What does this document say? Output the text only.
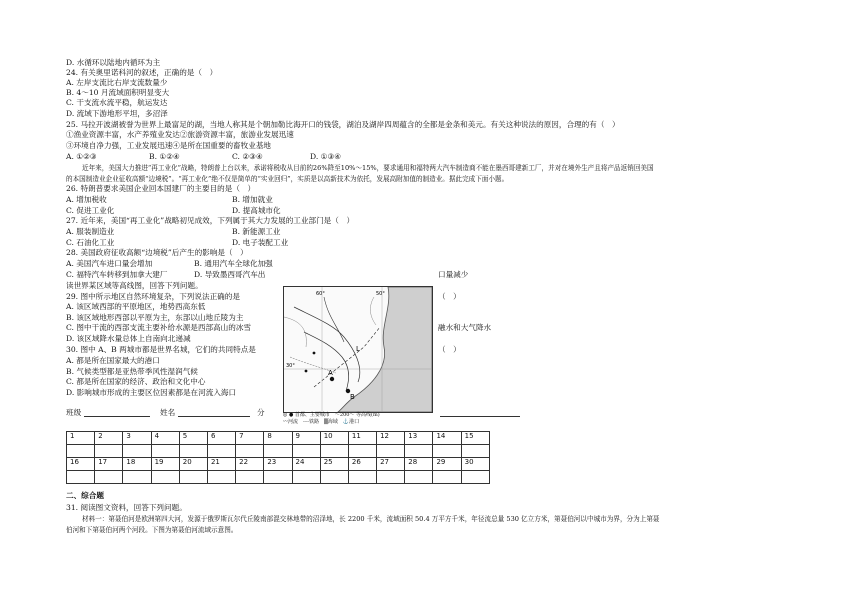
D. 水循环以陆地内循环为主
24. 有关奥里诺科河的叙述，正确的是（　）
A. 左岸支流比右岸支流数量少
B. 4～10 月流域面积明显变大
C. 干支流水流平稳，航运发达
D. 流域下游地形平坦，多沼泽
25. 马拉开波湖被誉为世界上最富足的湖，当地人称其是个朝加勒比海开口的钱袋，湖泊及湖岸四周蕴含的全都是金条和美元。有关这种说法的原因，合理的有（　）
①渔业资源丰富，水产养殖业发达②旅游资源丰富，旅游业发展迅速
③环境自净力强，工业发展迅速④是所在国重要的畜牧业基地
A. ①②③	B. ①②④	C. ②③④	D. ①③④
近年来，美国大力推进“再工业化”战略，特朗普上台以来，承诺将税收从目前的26%降至10%～15%，要求通用和福特两大汽车制造商不能在墨西哥建新工厂，并对在境外生产且将产品返销回美国
的本国制造业企业征收高额“边境税”。“再工业化”绝不仅是简单的“实业回归”，实质是以高新技术为依托，发展高附加值的制造业。据此完成下面小题。
26. 特朗普要求美国企业回本国建厂的主要目的是（　）
A. 增加税收	B. 增加就业
C. 促进工业化	D. 提高城市化
27. 近年来，美国“再工业化”战略初见成效，下列属于其大力发展的工业部门是（　）
A. 服装制造业	B. 新能源工业
C. 石油化工业	D. 电子装配工业
28. 美国政府征收高额“边境税”后产生的影响是（　）
A. 美国汽车进口量会增加	B. 通用汽车全球化加强
C. 福特汽车转移到加拿大建厂	D. 导致墨西哥汽车出	口量减少
读世界某区域等高线图，回答下列问题。
29. 图中所示地区自然环境复杂，下列说法正确的是	（　）
A. 该区域西部的平原地区，地势西高东低
B. 该区域地形西部以平原为主，东部以山地丘陵为主
C. 图中干流的西部支流主要补给水源是西部高山的冰雪	融水和大气降水
D. 该区域降水量总体上自南向北递减
30. 图中 A、B 两城市都是世界名城，它们的共同特点是	（　）
A. 都是所在国家最大的港口
B. 气候类型都是亚热带季风性湿润气候
C. 都是所在国家的经济、政治和文化中心
D. 影响城市形成的主要区位因素都是在河流入海口
A
B
L
60°	50°
30°
◎ ● 首都、主要城市　～200～ 等高线(m)
〰河流　┄┄铁路　▒海域　⚓港口
班级	姓名	分
1	2	3	4	5	6	7	8	9	10	11	12	13	14	15

16	17	18	19	20	21	22	23	24	25	26	27	28	29	30

二、综合题
31. 阅读图文资料，回答下列问题。
材料一：第聂伯河是欧洲第四大河，发源于俄罗斯瓦尔代丘陵南部混交林地带的沼泽地，长 2200 千米，流域面积 50.4 万平方千米，年径流总量 530 亿立方米，第聂伯河以中城市为界，分为上第聂
伯河和下第聂伯河两个河段。下图为第聂伯河流域示意图。
